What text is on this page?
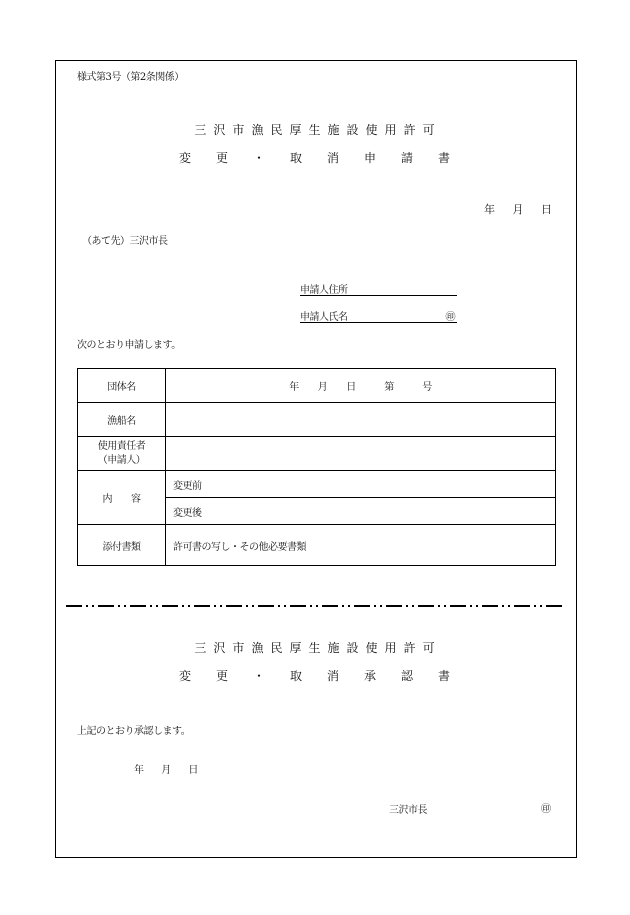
様式第3号（第2条関係）
三 沢 市 漁 民 厚 生 施 設 使 用 許 可
変 更 ・ 取 消 申 請 書
年 月 日
（あて先）三沢市長
申請人住所
申請人氏名	㊞
次のとおり申請します。
団体名	年　　月　　日　　　第　　　号
漁船名	

使用責任者
（申請人）	

内　　容	変更前
	変更後
添付書類	許可書の写し・その他必要書類
三 沢 市 漁 民 厚 生 施 設 使 用 許 可
変 更 ・ 取 消 承 認 書
上記のとおり承認します。
年 月 日
三沢市長	㊞
